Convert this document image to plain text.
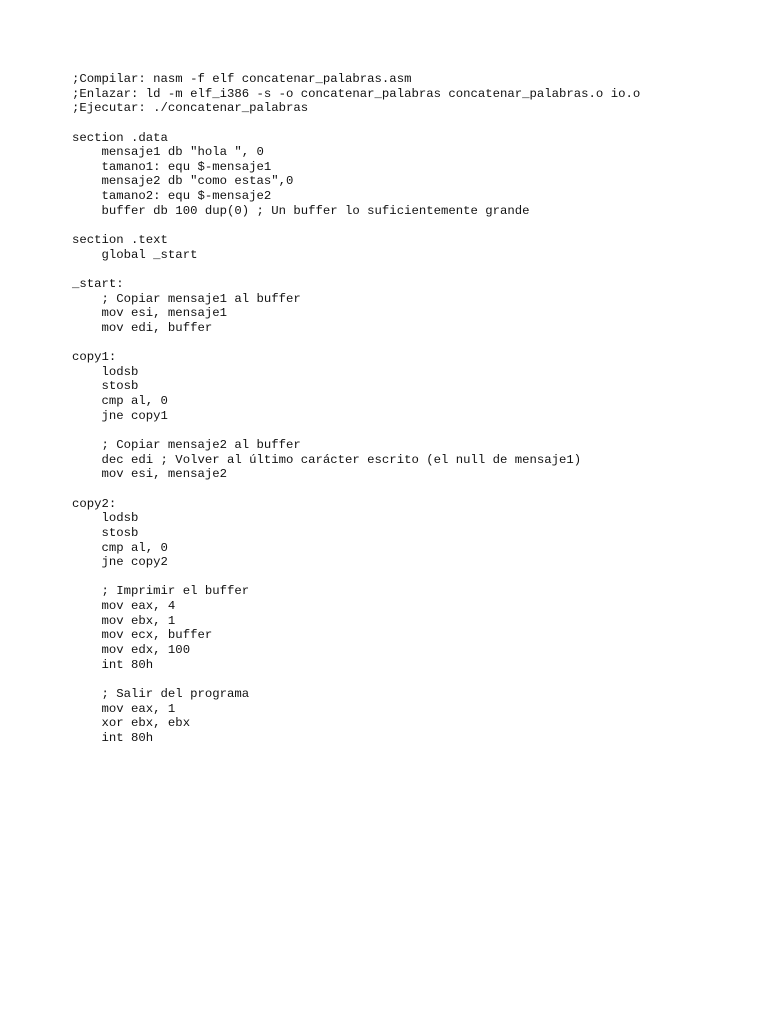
;Compilar: nasm -f elf concatenar_palabras.asm
;Enlazar: ld -m elf_i386 -s -o concatenar_palabras concatenar_palabras.o io.o
;Ejecutar: ./concatenar_palabras
section .data
mensaje1 db "hola ", 0
tamano1: equ $-mensaje1
mensaje2 db "como estas",0
tamano2: equ $-mensaje2
buffer db 100 dup(0) ; Un buffer lo suficientemente grande
section .text
global _start
_start:
; Copiar mensaje1 al buffer
mov esi, mensaje1
mov edi, buffer
copy1:
lodsb
stosb
cmp al, 0
jne copy1
; Copiar mensaje2 al buffer
dec edi ; Volver al último carácter escrito (el null de mensaje1)
mov esi, mensaje2
copy2:
lodsb
stosb
cmp al, 0
jne copy2
; Imprimir el buffer
mov eax, 4
mov ebx, 1
mov ecx, buffer
mov edx, 100
int 80h
; Salir del programa
mov eax, 1
xor ebx, ebx
int 80h
